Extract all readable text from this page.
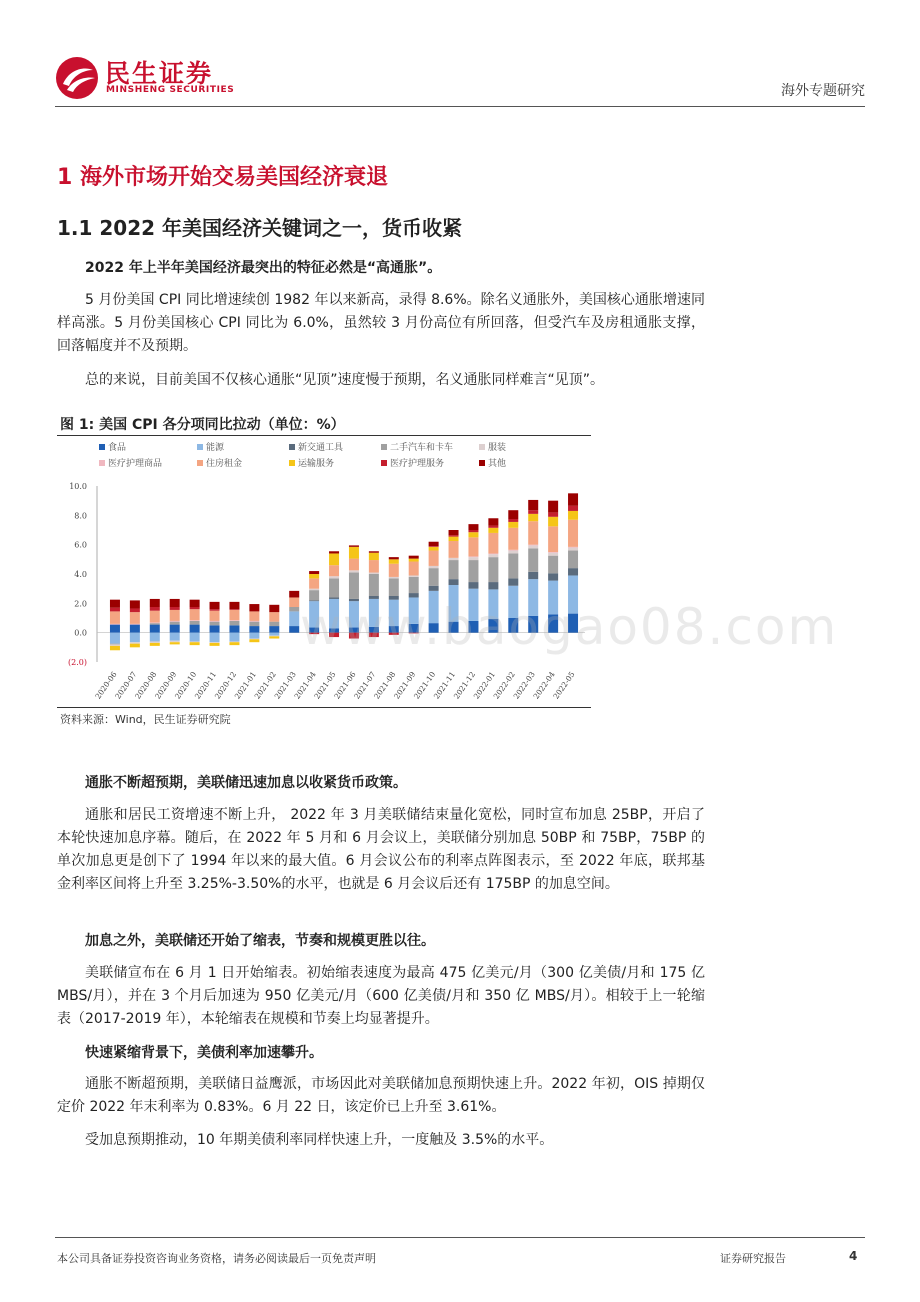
民生证券
MINSHENG SECURITIES	海外专题研究
1 海外市场开始交易美国经济衰退
1.1 2022 年美国经济关键词之一，货币收紧

2022 年上半年美国经济最突出的特征必然是“高通胀”。

5 月份美国 CPI 同比增速续创 1982 年以来新高，录得 8.6%。除名义通胀外，美国核心通胀增速同样高涨。5 月份美国核心 CPI 同比为 6.0%，虽然较 3 月份高位有所回落，但受汽车及房租通胀支撑，回落幅度并不及预期。

总的来说，目前美国不仅核心通胀“见顶”速度慢于预期，名义通胀同样难言“见顶”。

图 1: 美国 CPI 各分项同比拉动（单位：%）
食品	能源	新交通工具	二手汽车和卡车	服装
医疗护理商品	住房租金	运输服务	医疗护理服务	其他
10.0
8.0
6.0
4.0
2.0
0.0
(2.0)
2020-06
2020-07
2020-08
2020-09
2020-10
2020-11
2020-12
2021-01
2021-02
2021-03
2021-04
2021-05
2021-06
2021-07
2021-08
2021-09
2021-10
2021-11
2021-12
2022-01
2022-02
2022-03
2022-04
2022-05
资料来源：Wind，民生证券研究院
www.baogao08.com

通胀不断超预期，美联储迅速加息以收紧货币政策。

通胀和居民工资增速不断上升， 2022 年 3 月美联储结束量化宽松，同时宣布加息 25BP，开启了本轮快速加息序幕。随后，在 2022 年 5 月和 6 月会议上，美联储分别加息 50BP 和 75BP，75BP 的单次加息更是创下了 1994 年以来的最大值。6 月会议公布的利率点阵图表示，至 2022 年底，联邦基金利率区间将上升至 3.25%-3.50%的水平，也就是 6 月会议后还有 175BP 的加息空间。

加息之外，美联储还开始了缩表，节奏和规模更胜以往。

美联储宣布在 6 月 1 日开始缩表。初始缩表速度为最高 475 亿美元/月（300 亿美债/月和 175 亿 MBS/月），并在 3 个月后加速为 950 亿美元/月（600 亿美债/月和 350 亿 MBS/月）。相较于上一轮缩表（2017-2019 年），本轮缩表在规模和节奏上均显著提升。

快速紧缩背景下，美债利率加速攀升。

通胀不断超预期，美联储日益鹰派，市场因此对美联储加息预期快速上升。2022 年初，OIS 掉期仅定价 2022 年末利率为 0.83%。6 月 22 日，该定价已上升至 3.61%。

受加息预期推动，10 年期美债利率同样快速上升，一度触及 3.5%的水平。

本公司具备证券投资咨询业务资格，请务必阅读最后一页免责声明	证券研究报告	4
